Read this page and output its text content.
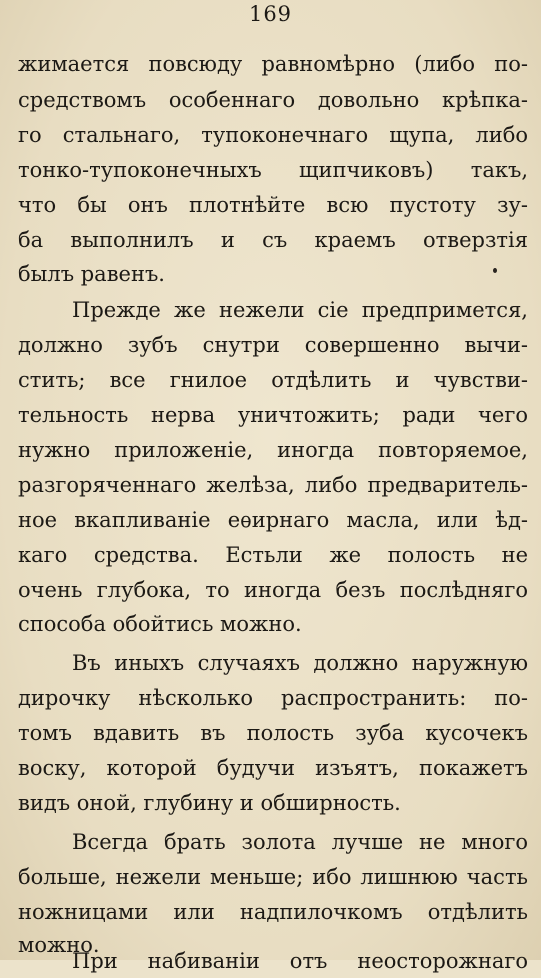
169
жимается повсюду равномѣрно (либо по-
средствомъ особеннаго довольно крѣпка-
го стальнаго, тупоконечнаго щупа, либо
тонко-тупоконечныхъ щипчиковъ) такъ,
что бы онъ плотнѣйте всю пустоту зу-
ба выполнилъ и съ краемъ отверзтія
былъ равенъ.
Прежде же нежели сіе предпримется,
должно зубъ снутри совершенно вычи-
стить; все гнилое отдѣлить и чувстви-
тельность нерва уничтожить; ради чего
нужно приложеніе, иногда повторяемое,
разгоряченнаго желѣза, либо предваритель-
ное вкапливаніе еѳирнаго масла, или ѣд-
каго средства. Естьли же полость не
очень глубока, то иногда безъ послѣдняго
способа обойтись можно.
Въ иныхъ случаяхъ должно наружную
дирочку нѣсколько распространить: по-
томъ вдавить въ полость зуба кусочекъ
воску, которой будучи изъятъ, покажетъ
видъ оной, глубину и обширность.
Всегда брать золота лучше не много
больше, нежели меньше; ибо лишнюю часть
ножницами или надпилочкомъ отдѣлить
можно.
При набиваніи отъ неосторожнаго
